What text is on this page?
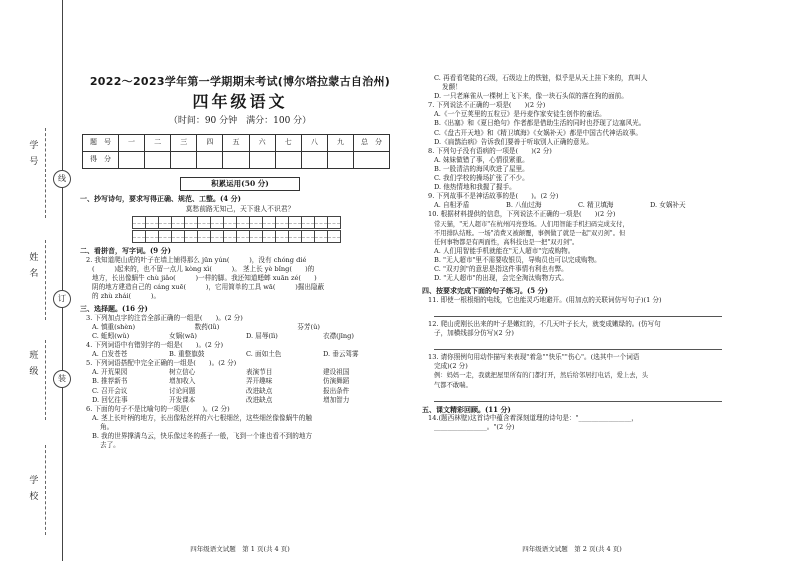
学 号
姓 名
班 级
学 校
线
订
装
2022～2023学年第一学期期末考试(博尔塔拉蒙古自治州)
四年级语文
（时间：90 分钟　满分：100 分）
题　号	一	二	三	四	五	六	七	八	九	总　分
得　分										
积累运用(50 分)
一、抄写诗句，要求写得正确、规范、工整。(4 分)
莫愁前路无知己，天下谁人不识君？
二、看拼音，写字词。(9 分)
2. 我知道爬山虎的叶子在墙上铺得那么 jūn yún(　　　)，没有 chóng dié
(　　　)起来的，也不留一点儿 kòng xì(　　　)。 茎上长 yè bǐng(　　)的
地方，长出像蜗牛 chù jiǎo(　　　)一样的脚。我还知道蟋蟀 xuān zé(　　)
阴的地方建造自己的 cáng xuē(　　　)，它用简单的工具 wā(　　　)掘出隐蔽
的 zhù zhái(　　　)。
三、选择题。(16 分)
3. 下列加点字的注音全部正确的一组是(　　)。(2 分)
A. 慎重(shèn)	数药(lǜ)	芬芳(ǔ)
C. 蚯蚓(wǔ)	女娲(wā)	D. 屈辱(lì)	衣襟(jīng)
4. 下列词语中有错别字的一组是(　　)。(2 分)
A. 白发苍苍	B. 重整旗鼓	C. 面如土色	D. 垂云驾雾
5. 下列词语搭配中完全正确的一组是(　　)。(2 分)
A. 开荒果园	树立信心	表演节目	建设祖国
B. 推荐新书	增加收入	弄开趣味	仿演舞蹈
C. 召开会议	讨论问题	改进缺点	报出条件
D. 回忆往事	开发课本	改进缺点	增加智力
6. 下面的句子不是比喻句的一项是(　　)。(2 分)
A. 茎上长叶柄的地方，长出像粘丝样的六七根细丝，这些细丝像像蜗牛的触
角。
B. 我的世界撑满乌云，快乐像过冬的燕子一般，飞到一个谁也看不到的地方
去了。
四年级语文试题　第 1 页(共 4 页)
C. 再看看笔陡的石级，石级边上的铁链，似乎是从天上挂下来的，真叫人
发颤！
D. 一只老麻雀从一棵树上飞下来，像一块石头似的落在狗的面前。
7. 下列说法不正确的一项是(　　)(2 分)
A.《一个豆荚里的五粒豆》是丹麦作家安徒生创作的童话。
B.《出塞》和《夏日绝句》作者都是借助生活的同时也抒现了边塞风光。
C.《盘古开天地》和《精卫填海》《女娲补天》都是中国古代神话故事。
D.《扁鹊治病》告诉我们要善于听取别人正确的意见。
8. 下列句子没有语病的一项是(　　)(2 分)
A. 妹妹做错了事，心情很紧重。
B. 一股清洁的海风吹进了屋里。
C. 我们学校的操场扩张了不少。
D. 他热情地和我握了握手。
9. 下列故事不是神话故事的是(　　)。(2 分)
A. 自相矛盾	B. 八仙过海	C. 精卫填海	D. 女娲补天
10. 根据材料提供的信息，下列说法不正确的一项是(　　)(2 分)
常天猫，"无人超市"在杭州闪亮登场。人们用智能手机扫码完成支付，
不用排队结账。一场"消费又被颠覆，事例做了就是一起"双刃剑"。但
任何事物都是有两面性，高科技也是一把"双刃剑"。
A. 人们用智能手机就能在"无人超市"完成购物。
B. "无人超市"里不需要收银员，导购员也可以完成购物。
C. "双刃剑"的意思是指这件事情有利也有弊。
D. "无人超市"的出现，会完全淘汰购物方式。
四、按要求完成下面的句子练习。(5 分)
11. 即使一根根细的电线，它也能灵巧地避开。(用加点的关联词仿写句子)(1 分)
12. 爬山虎刚长出来的叶子是嫩红的，不几天叶子长大，就变成嫩绿的。(仿写句
子，加横线部分仿写)(2 分)
13. 请你照例句用动作描写来表现"着急""快乐""伤心"。(选其中一个词语
完成)(2 分)
例：妈妈一走，我就把屋里所有的门都打开，然后给邻居打电话，爱上去，头
气都不敢喘。
五、课文精彩回顾。(11 分)
14.(题西林壁)这首诗中蕴含着深刻道理的诗句是："________________，
________________。"(2 分)
四年级语文试题　第 2 页(共 4 页)
